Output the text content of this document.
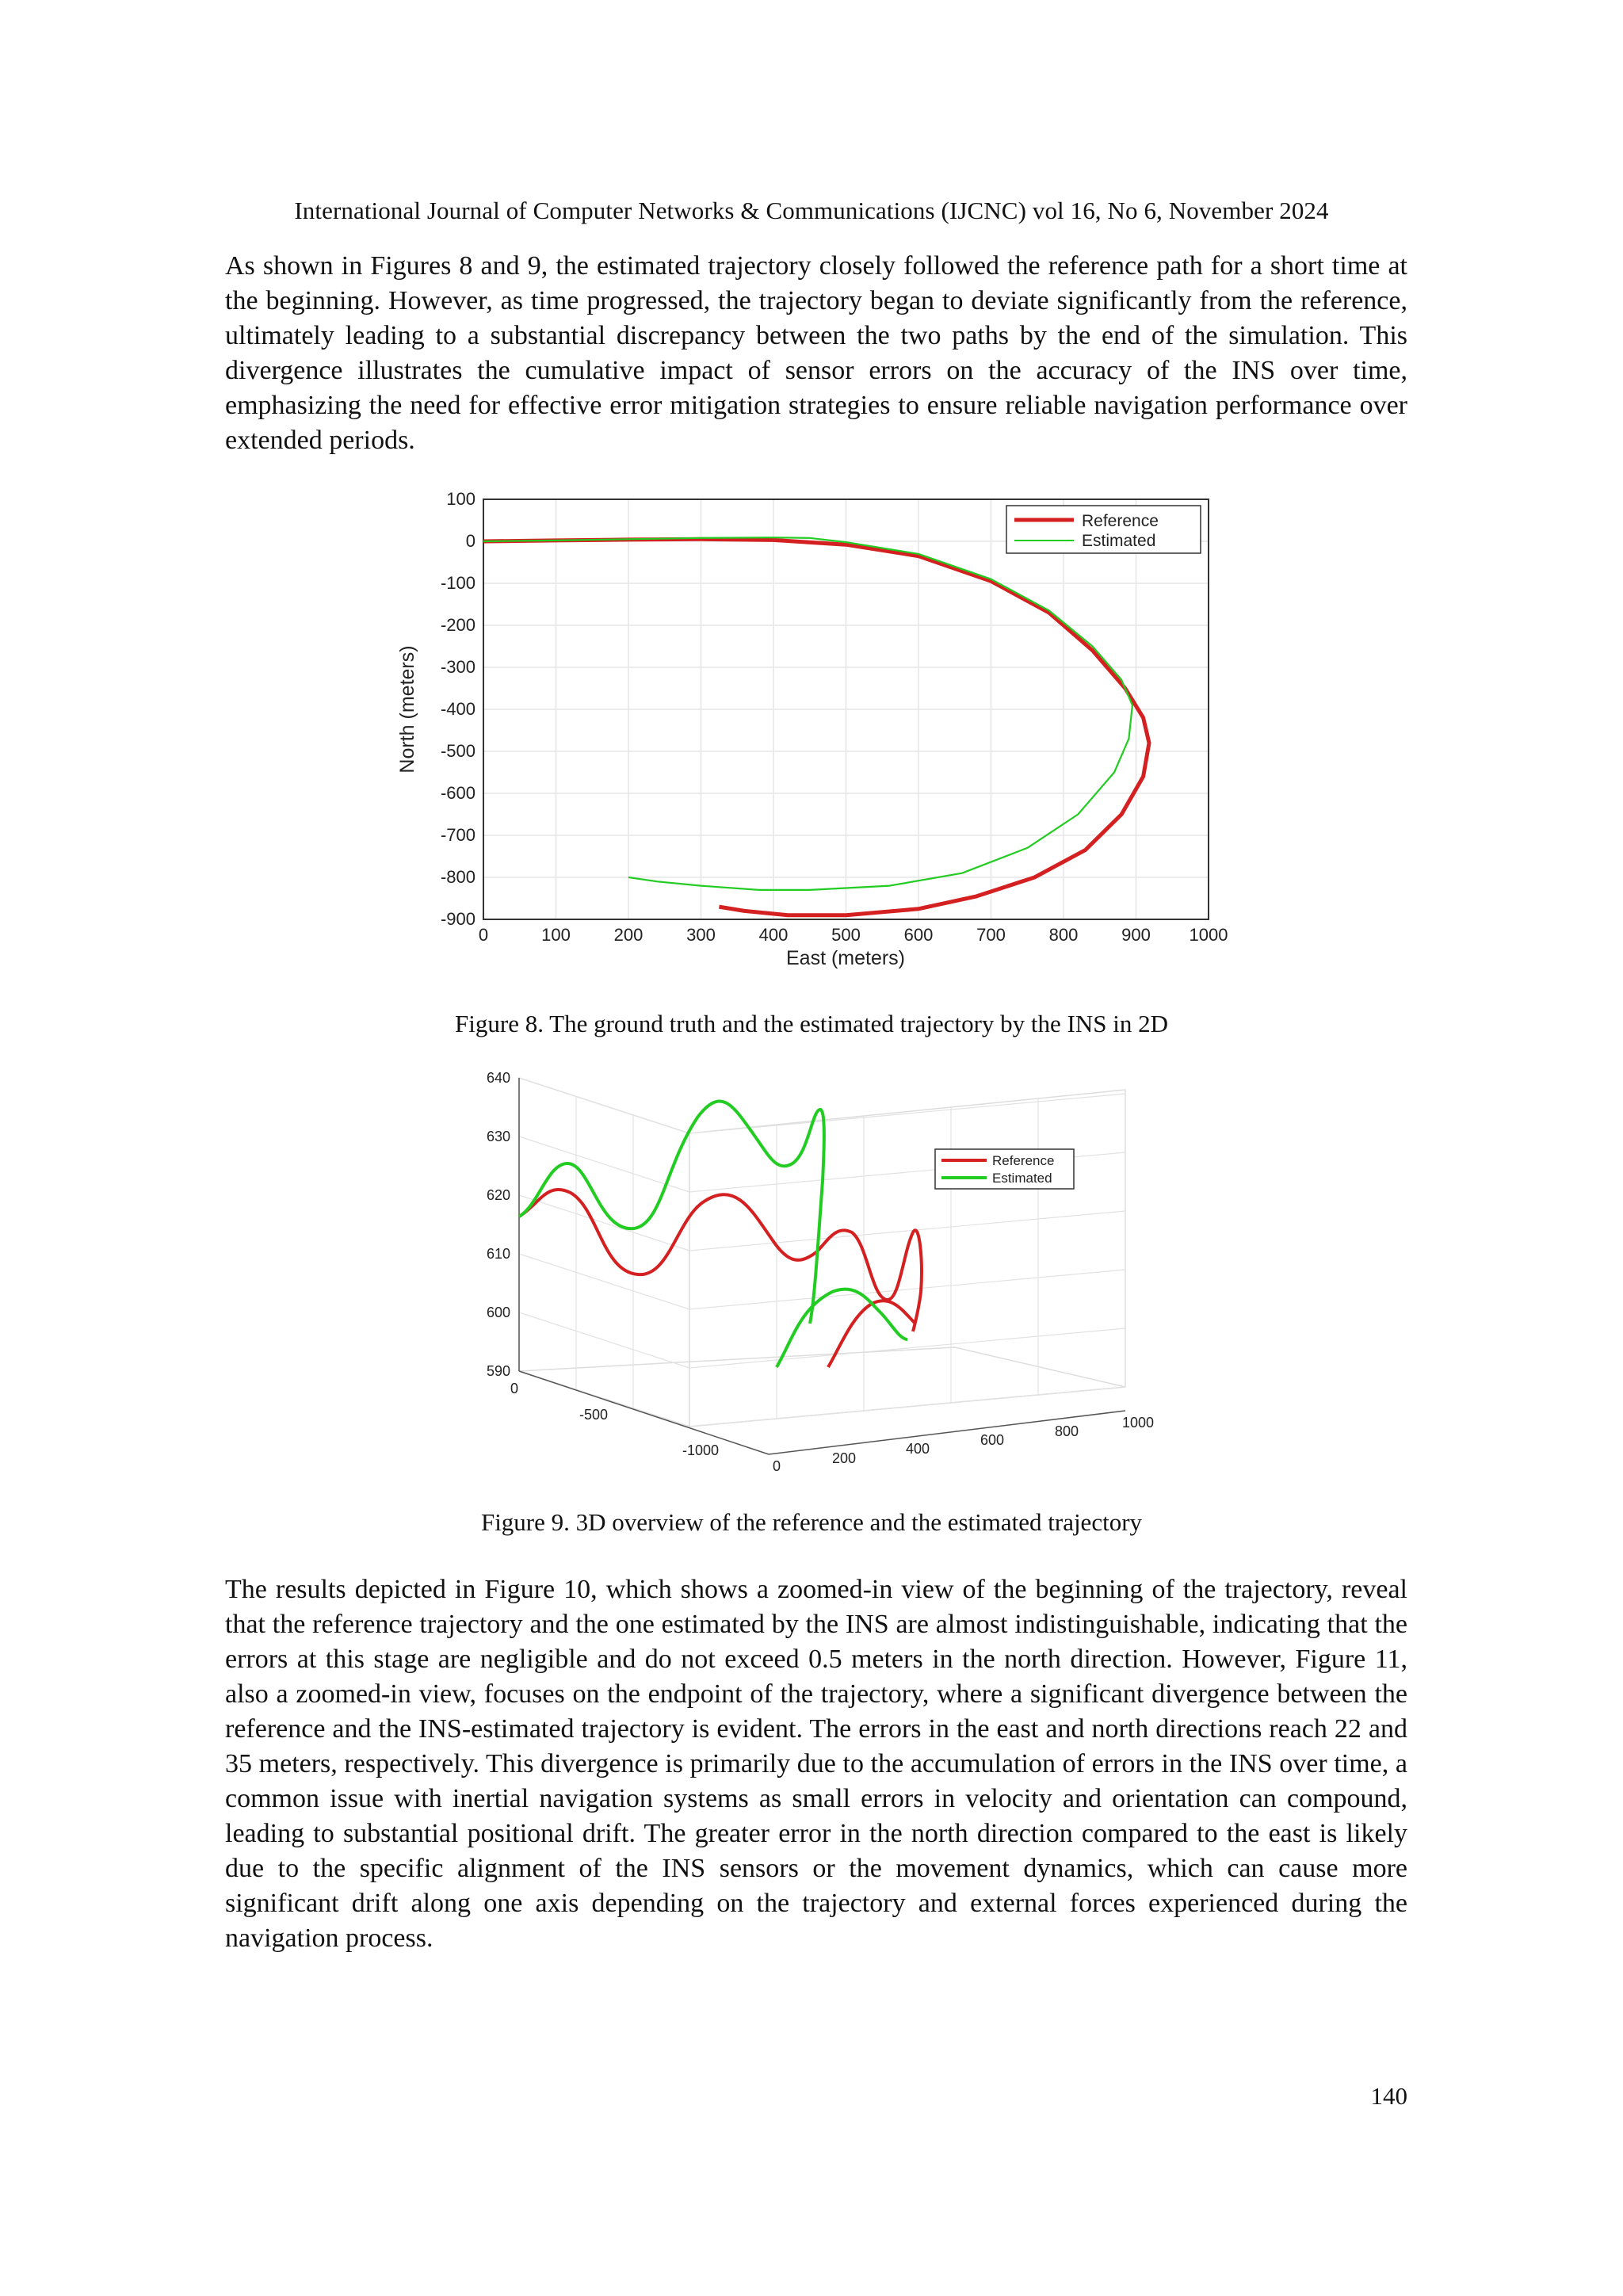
International Journal of Computer Networks & Communications (IJCNC) vol 16, No 6, November 2024
As shown in Figures 8 and 9, the estimated trajectory closely followed the reference path for a short time at the beginning. However, as time progressed, the trajectory began to deviate significantly from the reference, ultimately leading to a substantial discrepancy between the two paths by the end of the simulation. This divergence illustrates the cumulative impact of sensor errors on the accuracy of the INS over time, emphasizing the need for effective error mitigation strategies to ensure reliable navigation performance over extended periods.
0	100 200 300 400 500 600 700 800 900 1000
100
0
-100
-200
-300
-400
-500
-600
-700
-800
-900
East (meters)
North (meters)
Reference
Estimated
Figure 8. The ground truth and the estimated trajectory by the INS in 2D
640
630
620
610
600
590
0
-500
-1000
0	200
400
600
800
1000
Reference
Estimated
Figure 9. 3D overview of the reference and the estimated trajectory
The results depicted in Figure 10, which shows a zoomed-in view of the beginning of the trajectory, reveal that the reference trajectory and the one estimated by the INS are almost indistinguishable, indicating that the errors at this stage are negligible and do not exceed 0.5 meters in the north direction. However, Figure 11, also a zoomed-in view, focuses on the endpoint of the trajectory, where a significant divergence between the reference and the INS-estimated trajectory is evident. The errors in the east and north directions reach 22 and 35 meters, respectively. This divergence is primarily due to the accumulation of errors in the INS over time, a common issue with inertial navigation systems as small errors in velocity and orientation can compound, leading to substantial positional drift. The greater error in the north direction compared to the east is likely due to the specific alignment of the INS sensors or the movement dynamics, which can cause more significant drift along one axis depending on the trajectory and external forces experienced during the navigation process.
140
